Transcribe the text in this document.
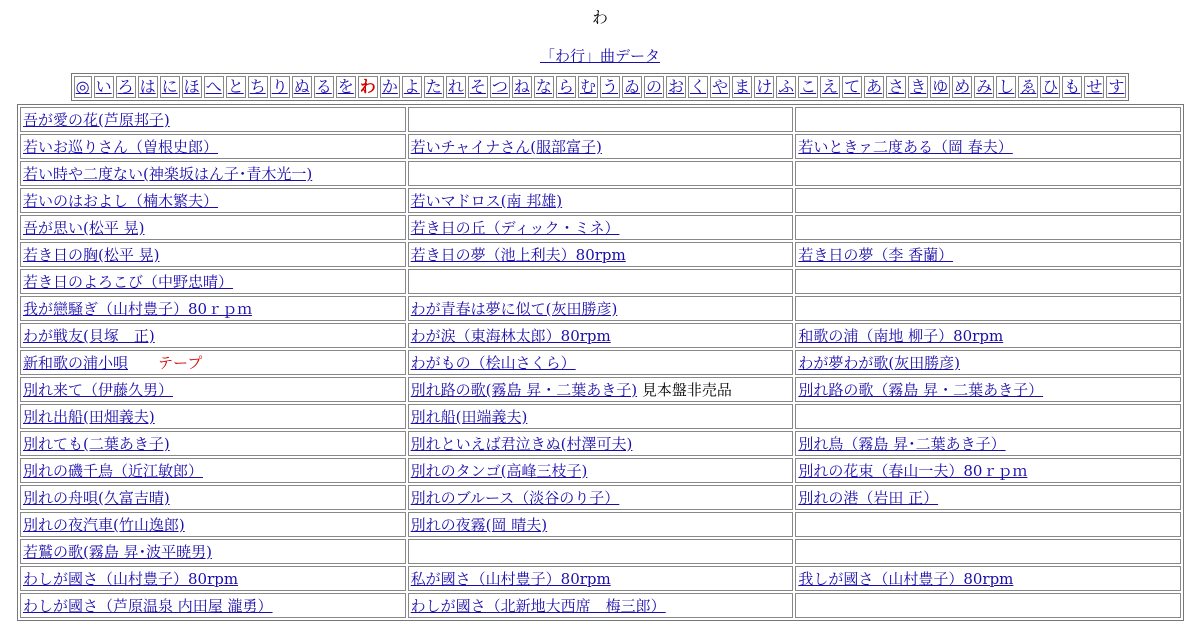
わ
「わ行」曲データ
◎	い	ろ	は	に	ほ	へ	と	ち	り	ぬ	る	を	わ	か	よ	た	れ	そ	つ	ね	な	ら	む	う	ゐ	の	お	く	や	ま	け	ふ	こ	え	て	あ	さ	き	ゆ	め	み	し	ゑ	ひ	も	せ	す
吾が愛の花(芦原邦子)		
若いお巡りさん（曽根史郎）	若いチャイナさん(服部富子)	若いときァ二度ある（岡 春夫）
若い時や二度ない(神楽坂はん子･青木光一)		
若いのはおよし（楠木繁夫）	若いマドロス(南 邦雄)	
吾が思い(松平 晃)	若き日の丘（ディック・ミネ）	
若き日の胸(松平 晃)	若き日の夢（池上利夫）80rpm	若き日の夢（李 香蘭）
若き日のよろこび（中野忠晴）		
我が戀騒ぎ（山村豊子）80ｒｐｍ	わが青春は夢に似て(灰田勝彦)	
わが戦友(貝塚　正)	わが涙（東海林太郎）80rpm	和歌の浦（南地 柳子）80rpm
新和歌の浦小唄 テープ	わがもの（桧山さくら）	わが夢わが歌(灰田勝彦)
別れ来て（伊藤久男）	別れ路の歌(霧島 昇・二葉あき子) 見本盤非売品	別れ路の歌（霧島 昇・二葉あき子）
別れ出船(田畑義夫)	別れ船(田端義夫)	
別れても(二葉あき子)	別れといえば君泣きぬ(村澤可夫)	別れ鳥（霧島 昇･二葉あき子）
別れの磯千鳥（近江敏郎）	別れのタンゴ(高峰三枝子)	別れの花束（春山一夫）80ｒｐｍ
別れの舟唄(久富吉晴)	別れのブルース（淡谷のり子）	別れの港（岩田 正）
別れの夜汽車(竹山逸郎)	別れの夜霧(岡 晴夫)	
若鷲の歌(霧島 昇･波平暁男)		
わしが國さ（山村豊子）80rpm	私が國さ（山村豊子）80rpm	我しが國さ（山村豊子）80rpm
わしが國さ（芦原温泉 内田屋 瀧勇）	わしが國さ（北新地大西席　梅三郎）	
